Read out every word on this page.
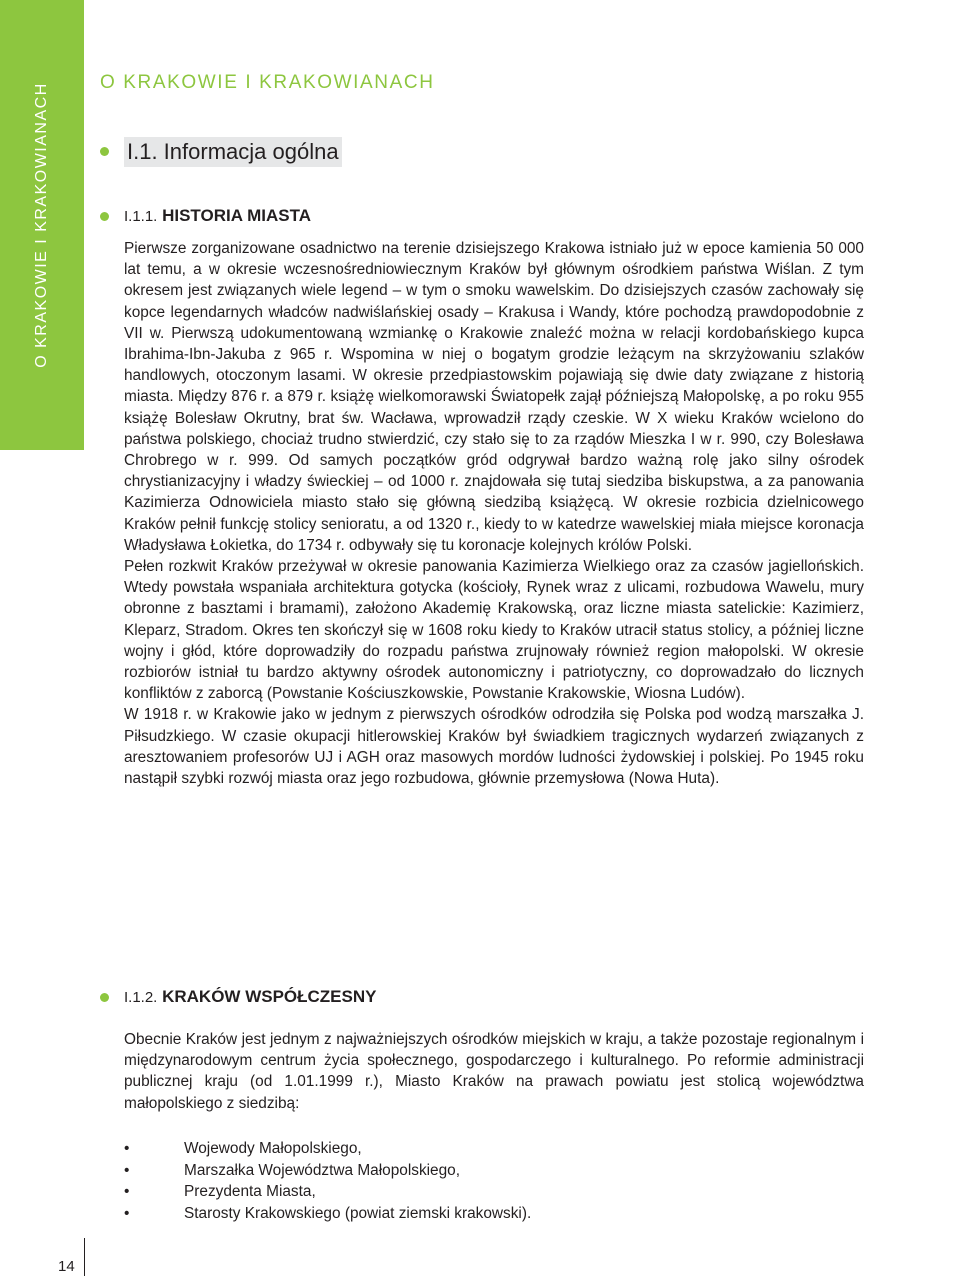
O KRAKOWIE I KRAKOWIANACH	O KRAKOWIE I KRAKOWIANACH
I.1. Informacja ogólna
I.1.1. HISTORIA MIASTA

Pierwsze zorganizowane osadnictwo na terenie dzisiejszego Krakowa istniało już w epoce kamienia 50 000 lat temu, a w okresie wczesnośredniowiecznym Kraków był głównym ośrodkiem państwa Wiślan. Z tym okresem jest związanych wiele legend – w tym o smoku wawelskim. Do dzisiejszych czasów zachowały się kopce legendarnych władców nadwiślańskiej osady – Krakusa i Wandy, które pochodzą prawdopodobnie z VII w. Pierwszą udokumentowaną wzmiankę o Krakowie znaleźć można w relacji kordobańskiego kupca Ibrahima-Ibn-Jakuba z 965 r. Wspomina w niej o bogatym grodzie leżącym na skrzyżowaniu szlaków handlowych, otoczonym lasami. W okresie przedpiastowskim pojawiają się dwie daty związane z historią miasta. Między 876 r. a 879 r. książę wielkomorawski Światopełk zajął późniejszą Małopolskę, a po roku 955 książę Bolesław Okrutny, brat św. Wacława, wprowadził rządy czeskie. W X wieku Kraków wcielono do państwa polskiego, chociaż trudno stwierdzić, czy stało się to za rządów Mieszka I w r. 990, czy Bolesława Chrobrego w r. 999. Od samych początków gród odgrywał bardzo ważną rolę jako silny ośrodek chrystianizacyjny i władzy świeckiej – od 1000 r. znajdowała się tutaj siedziba biskupstwa, a za panowania Kazimierza Odnowiciela miasto stało się główną siedzibą książęcą. W okresie rozbicia dzielnicowego Kraków pełnił funkcję stolicy senioratu, a od 1320 r., kiedy to w katedrze wawelskiej miała miejsce koronacja Władysława Łokietka, do 1734 r. odbywały się tu koronacje kolejnych królów Polski.

Pełen rozkwit Kraków przeżywał w okresie panowania Kazimierza Wielkiego oraz za czasów jagiellońskich. Wtedy powstała wspaniała architektura gotycka (kościoły, Rynek wraz z ulicami, rozbudowa Wawelu, mury obronne z basztami i bramami), założono Akademię Krakowską, oraz liczne miasta satelickie: Kazimierz, Kleparz, Stradom. Okres ten skończył się w 1608 roku kiedy to Kraków utracił status stolicy, a później liczne wojny i głód, które doprowadziły do rozpadu państwa zrujnowały również region małopolski. W okresie rozbiorów istniał tu bardzo aktywny ośrodek autonomiczny i patriotyczny, co doprowadzało do licznych konfliktów z zaborcą (Powstanie Kościuszkowskie, Powstanie Krakowskie, Wiosna Ludów).

W 1918 r. w Krakowie jako w jednym z pierwszych ośrodków odrodziła się Polska pod wodzą marszałka J. Piłsudzkiego. W czasie okupacji hitlerowskiej Kraków był świadkiem tragicznych wydarzeń związanych z aresztowaniem profesorów UJ i AGH oraz masowych mordów ludności żydowskiej i polskiej. Po 1945 roku nastąpił szybki rozwój miasta oraz jego rozbudowa, głównie przemysłowa (Nowa Huta).

I.1.2. KRAKÓW WSPÓŁCZESNY

Obecnie Kraków jest jednym z najważniejszych ośrodków miejskich w kraju, a także pozostaje regionalnym i międzynarodowym centrum życia społecznego, gospodarczego i kulturalnego. Po reformie administracji publicznej kraju (od 1.01.1999 r.), Miasto Kraków na prawach powiatu jest stolicą województwa małopolskiego z siedzibą:

•	Wojewody Małopolskiego,
•	Marszałka Województwa Małopolskiego,
•	Prezydenta Miasta,
•	Starosty Krakowskiego (powiat ziemski krakowski).
14
